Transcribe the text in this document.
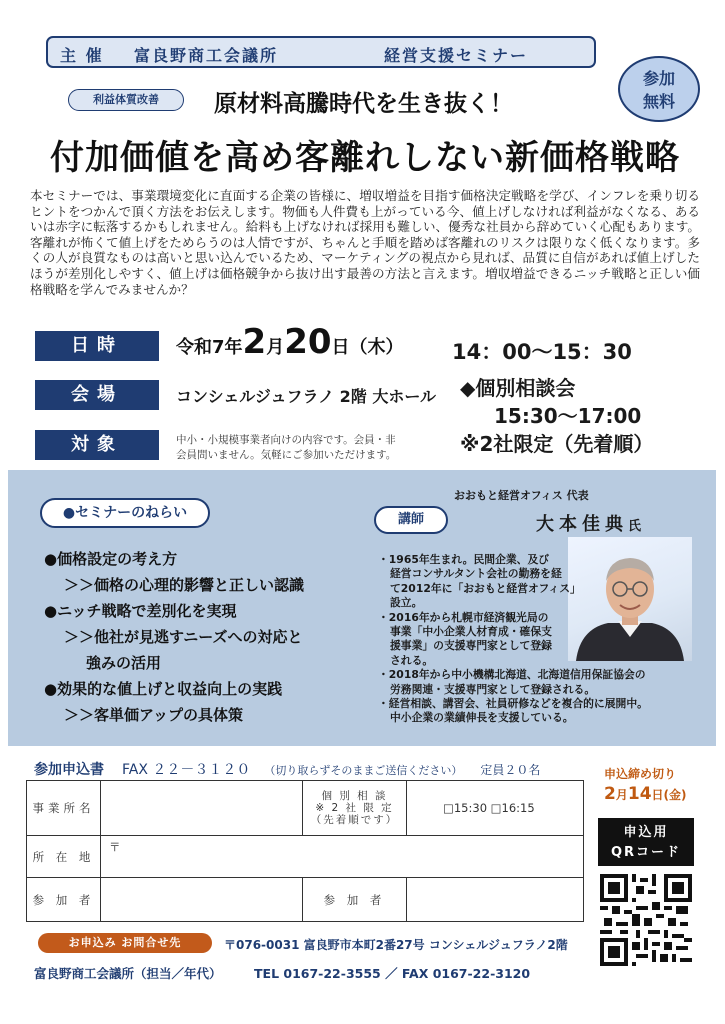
主 催 富良野商工会議所	経営支援セミナー
参加
無料
利益体質改善	原材料高騰時代を生き抜く！
付加価値を高め客離れしない新価格戦略
本セミナーでは、事業環境変化に直面する企業の皆様に、増収増益を目指す価格決定戦略を学び、インフレを乗り切るヒントをつかんで頂く方法をお伝えします。物価も人件費も上がっている今、値上げしなければ利益がなくなる、あるいは赤字に転落するかもしれません。給料も上げなければ採用も難しい、優秀な社員から辞めていく心配もあります。客離れが怖くて値上げをためらうのは人情ですが、ちゃんと手順を踏めば客離れのリスクは限りなく低くなります。多くの人が良質なものは高いと思い込んでいるため、マーケティングの視点から見れば、品質に自信があれば値上げしたほうが差別化しやすく、値上げは価格競争から抜け出す最善の方法と言えます。増収増益できるニッチ戦略と正しい価格戦略を学んでみませんか？
日時	令和7年2月20日（木） 14：00～15：30
会場	コンシェルジュフラノ 2階 大ホール ◆個別相談会
15:30～17:00
※2社限定（先着順）
対象	中小・小規模事業者向けの内容です。会員・非会員問いません。気軽にご参加いただけます。
●セミナーのねらい
●価格設定の考え方
＞＞価格の心理的影響と正しい認識
●ニッチ戦略で差別化を実現
＞＞他社が見逃すニーズへの対応と
強みの活用
●効果的な値上げと収益向上の実践
＞＞客単価アップの具体策
おおもと経営オフィス 代表
講師	大本佳典氏
・1965年生まれ。民間企業、及び
経営コンサルタント会社の勤務を経
て2012年に「おおもと経営オフィス」
設立。
・2016年から札幌市経済観光局の
事業「中小企業人材育成・確保支
援事業」の支援専門家として登録
される。
・2018年から中小機構北海道、北海道信用保証協会の
労務関連・支援専門家として登録される。
・経営相談、講習会、社員研修などを複合的に展開中。
中小企業の業績伸長を支援している。
参加申込書 FAX ２２－３１２０ （切り取らずそのままご送信ください） 定員２０名
事業所名		個 別 相 談
※ 2 社 限 定
（先着順です）	□15:30 □16:15
所 在 地	〒		
参 加 者		参 加 者	
申込締め切り
2月14日(金)
申込用
QRコード
お申込み お問合せ先	〒076-0031 富良野市本町2番27号 コンシェルジュフラノ2階
富良野商工会議所（担当／年代）	TEL 0167-22-3555 ／ FAX 0167-22-3120
